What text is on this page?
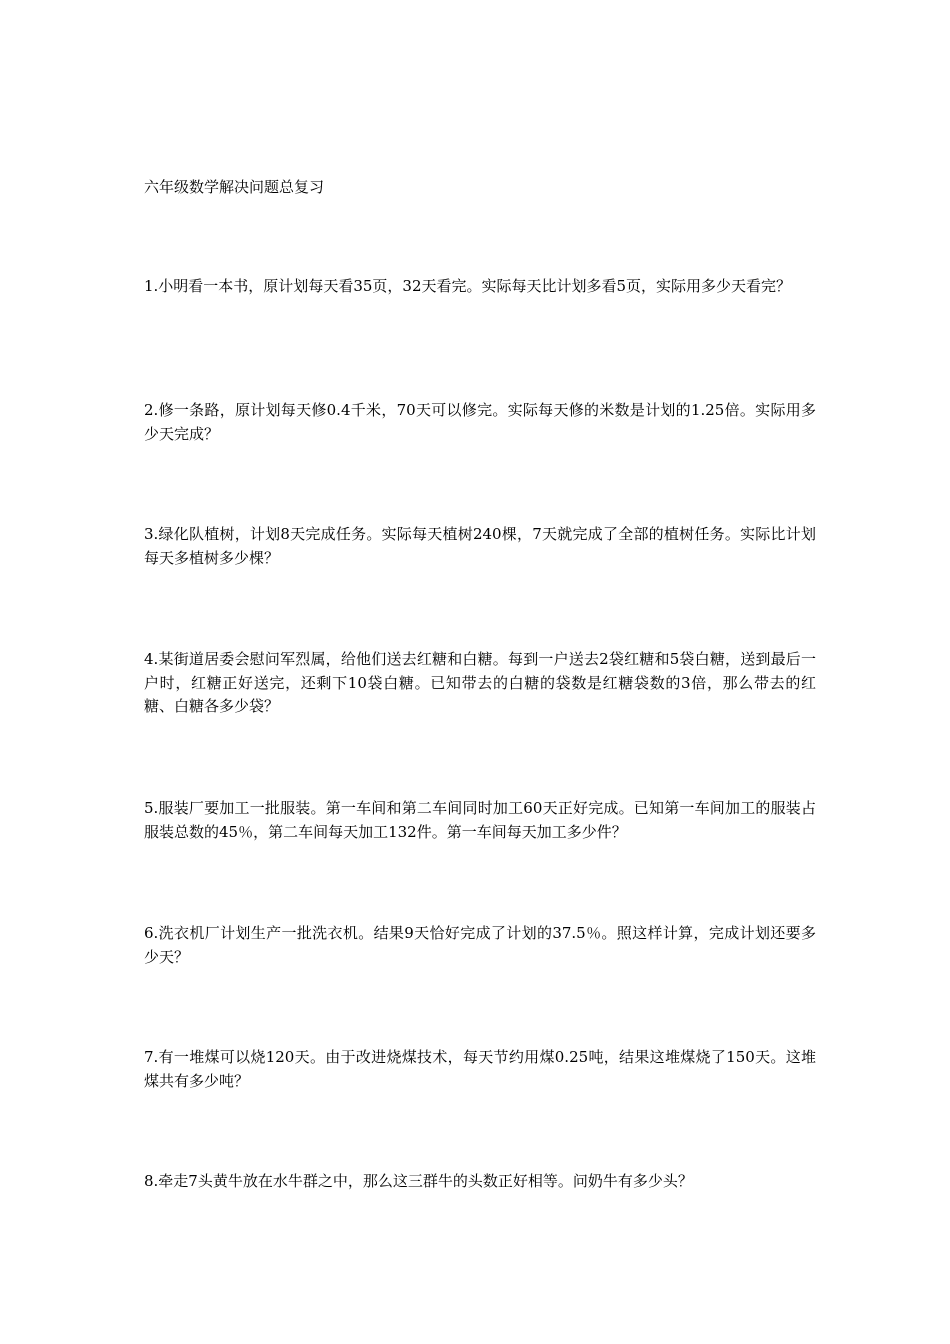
六年级数学解决问题总复习

1.小明看一本书，原计划每天看35页，32天看完。实际每天比计划多看5页，实际用多少天看完？

2.修一条路，原计划每天修0.4千米，70天可以修完。实际每天修的米数是计划的1.25倍。实际用多少天完成？

3.绿化队植树，计划8天完成任务。实际每天植树240棵，7天就完成了全部的植树任务。实际比计划每天多植树多少棵？

4.某街道居委会慰问军烈属，给他们送去红糖和白糖。每到一户送去2袋红糖和5袋白糖，送到最后一户时，红糖正好送完，还剩下10袋白糖。已知带去的白糖的袋数是红糖袋数的3倍，那么带去的红糖、白糖各多少袋？

5.服装厂要加工一批服装。第一车间和第二车间同时加工60天正好完成。已知第一车间加工的服装占服装总数的45％，第二车间每天加工132件。第一车间每天加工多少件？

6.洗衣机厂计划生产一批洗衣机。结果9天恰好完成了计划的37.5％。照这样计算，完成计划还要多少天？

7.有一堆煤可以烧120天。由于改进烧煤技术，每天节约用煤0.25吨，结果这堆煤烧了150天。这堆煤共有多少吨？

8.牵走7头黄牛放在水牛群之中，那么这三群牛的头数正好相等。问奶牛有多少头？
